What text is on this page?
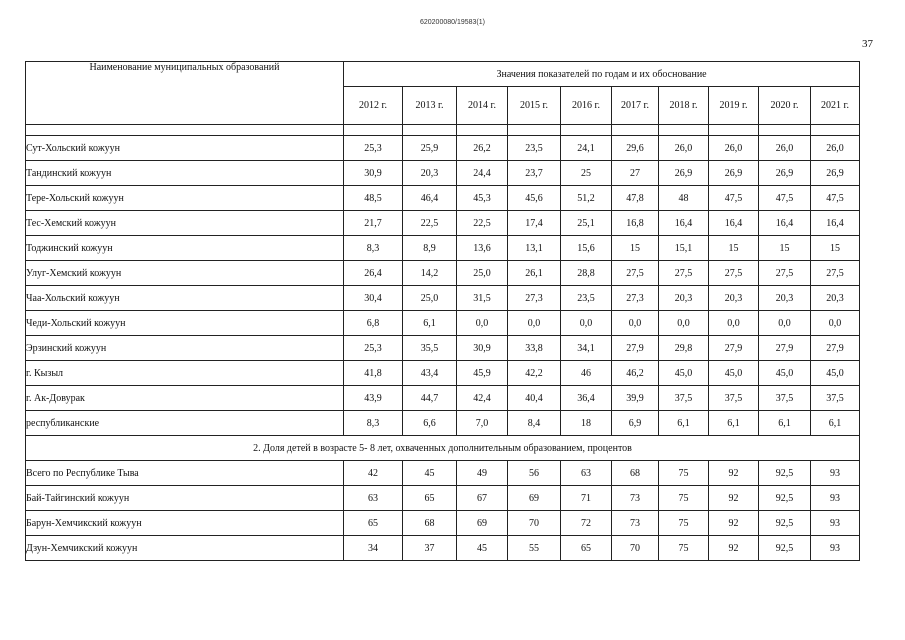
620200080/19583(1)
37
Наименование муниципальных образований	Значения показателей по годам и их обоснование									
	2012 г.	2013 г.	2014 г.	2015 г.	2016 г.	2017 г.	2018 г.	2019 г.	2020 г.	2021 г.

Сут-Хольский кожуун	25,3	25,9	26,2	23,5	24,1	29,6	26,0	26,0	26,0	26,0
Тандинский кожуун	30,9	20,3	24,4	23,7	25	27	26,9	26,9	26,9	26,9
Тере-Хольский кожуун	48,5	46,4	45,3	45,6	51,2	47,8	48	47,5	47,5	47,5
Тес-Хемский кожуун	21,7	22,5	22,5	17,4	25,1	16,8	16,4	16,4	16,4	16,4
Тоджинский кожуун	8,3	8,9	13,6	13,1	15,6	15	15,1	15	15	15
Улуг-Хемский кожуун	26,4	14,2	25,0	26,1	28,8	27,5	27,5	27,5	27,5	27,5
Чаа-Хольский кожуун	30,4	25,0	31,5	27,3	23,5	27,3	20,3	20,3	20,3	20,3
Чеди-Хольский кожуун	6,8	6,1	0,0	0,0	0,0	0,0	0,0	0,0	0,0	0,0
Эрзинский кожуун	25,3	35,5	30,9	33,8	34,1	27,9	29,8	27,9	27,9	27,9
г. Кызыл	41,8	43,4	45,9	42,2	46	46,2	45,0	45,0	45,0	45,0
г. Ак-Довурак	43,9	44,7	42,4	40,4	36,4	39,9	37,5	37,5	37,5	37,5
республиканские	8,3	6,6	7,0	8,4	18	6,9	6,1	6,1	6,1	6,1
2. Доля детей в возрасте 5- 8 лет, охваченных дополнительным образованием, процентов										
Всего по Республике Тыва	42	45	49	56	63	68	75	92	92,5	93
Бай-Тайгинский кожуун	63	65	67	69	71	73	75	92	92,5	93
Барун-Хемчикский кожуун	65	68	69	70	72	73	75	92	92,5	93
Дзун-Хемчикский кожуун	34	37	45	55	65	70	75	92	92,5	93
